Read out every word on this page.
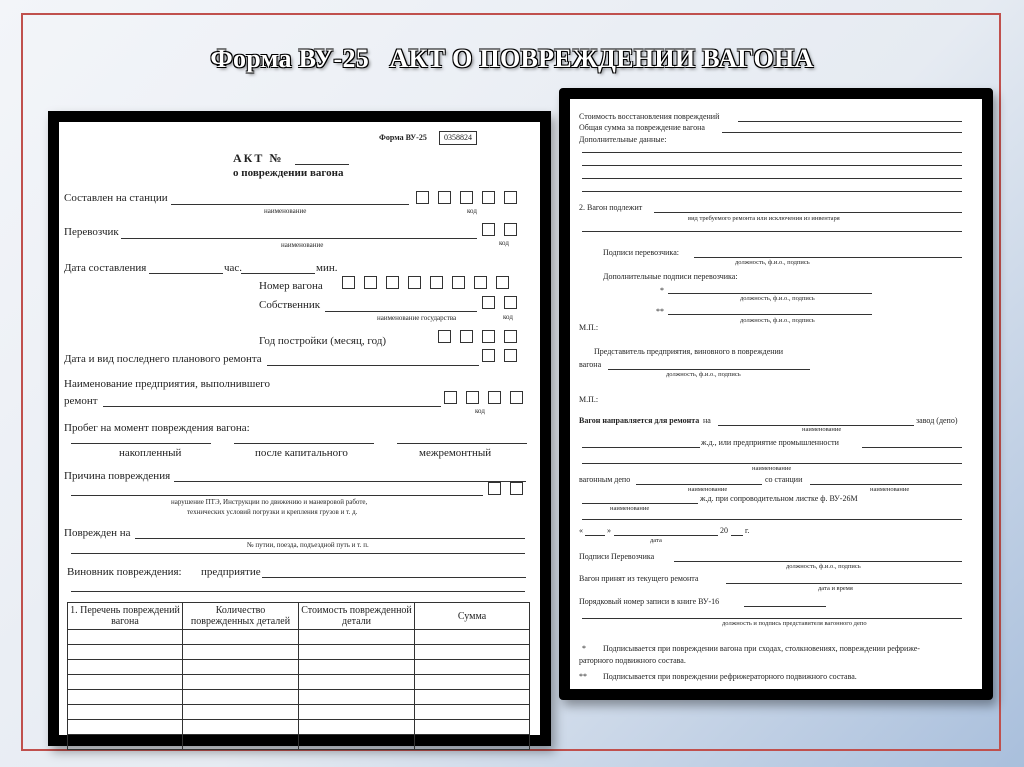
Форма ВУ-25 АКТ О ПОВРЕЖДЕНИИ ВАГОНА
Форма ВУ-25	0358824
АКТ №
о повреждении вагона
Составлен на станции
наименование	код
Перевозчик
наименование	код
Дата составления	час.	мин.
Номер вагона
Собственник
наименование государства	код
Год постройки (месяц, год)
Дата и вид последнего планового ремонта
Наименование предприятия, выполнившего
ремонт
код
Пробег на момент повреждения вагона:
накопленный	после капитального	межремонтный
Причина повреждения
нарушение ПТЭ, Инструкции по движению и маневровой работе,
технических условий погрузки и крепления грузов и т. д.
Поврежден на
№ путии, поезда, подъездной путь и т. п.
Виновник повреждения: предприятие
1. Перечень повреждений вагона	Количество поврежденных деталей	Стоимость поврежденной детали	Сумма

Стоимость восстановления повреждений
Общая сумма за повреждение вагона
Дополнительные данные:
2. Вагон подлежит
вид требуемого ремонта или исключения из инвентаря
Подписи перевозчика:
должность, ф.и.о., подпись
Дополнительные подписи перевозчика:
*
должность, ф.и.о., подпись
**
должность, ф.и.о., подпись
М.П.:
Представитель предприятия, виновного в повреждении
вагона
должность, ф.и.о., подпись
М.П.:
Вагон направляется для ремонта на	завод (депо)
наименование
ж.д., или предприятие промышленности
наименование
вагонным депо	со станции
наименование	наименование
ж.д. при сопроводительном листке ф. ВУ-26М
наименование
«	»	20 г.
дата
Подписи Перевозчика
должность, ф.и.о., подпись
Вагон принят из текущего ремонта
дата и время
Порядковый номер записи в книге ВУ-16
должность и подпись представителя вагонного депо
* Подписывается при повреждении вагона при сходах, столкновениях, повреждении рефриже-
раторного подвижного состава.
** Подписывается при повреждении рефрижераторного подвижного состава.
